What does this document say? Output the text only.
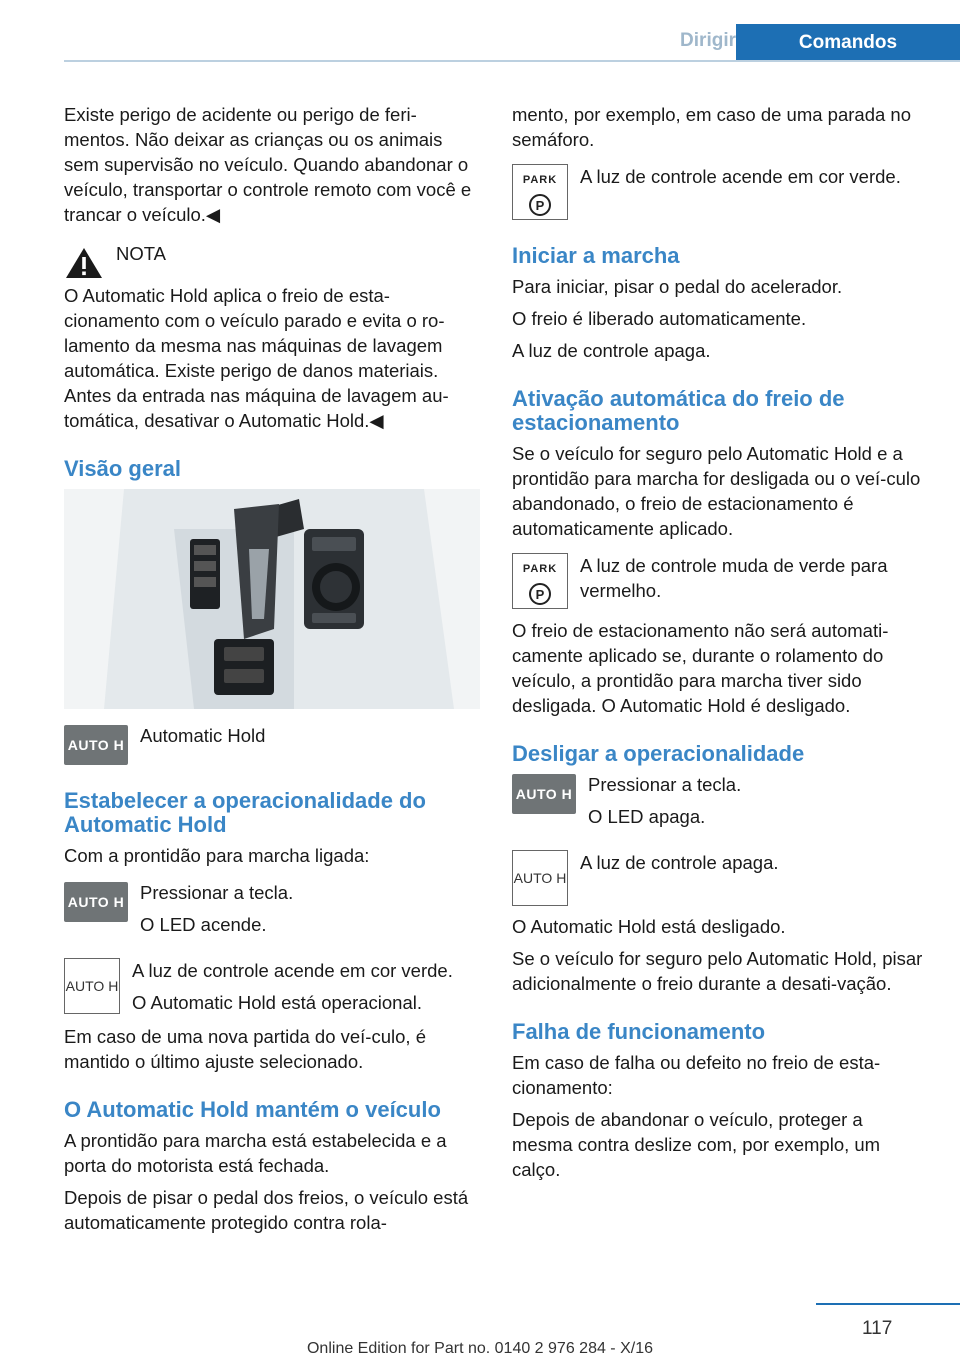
Dirigir	Comandos

Existe perigo de acidente ou perigo de feri‐mentos. Não deixar as crianças ou os animais sem supervisão no veículo. Quando abandonar o veículo, transportar o controle remoto com você e trancar o veículo.◀

NOTA

O Automatic Hold aplica o freio de esta‐cionamento com o veículo parado e evita o ro‐lamento da mesma nas máquinas de lavagem automática. Existe perigo de danos materiais. Antes da entrada nas máquina de lavagem au‐tomática, desativar o Automatic Hold.◀

Visão geral
AUTO H Automatic Hold

Estabelecer a operacionalidade do Automatic Hold

Com a prontidão para marcha ligada:

AUTO H Pressionar a tecla.

O LED acende.

AUTO H

A luz de controle acende em cor verde.

O Automatic Hold está operacional.

Em caso de uma nova partida do veí‐culo, é mantido o último ajuste selecionado.

O Automatic Hold mantém o veículo

A prontidão para marcha está estabelecida e a porta do motorista está fechada.

Depois de pisar o pedal dos freios, o veículo está automaticamente protegido contra rola‐

mento, por exemplo, em caso de uma parada no semáforo.

PARK
P

A luz de controle acende em cor verde.

Iniciar a marcha

Para iniciar, pisar o pedal do acelerador.

O freio é liberado automaticamente.

A luz de controle apaga.

Ativação automática do freio de estacionamento

Se o veículo for seguro pelo Automatic Hold e a prontidão para marcha for desligada ou o veí‐culo abandonado, o freio de estacionamento é automaticamente aplicado.

PARK
P

A luz de controle muda de verde para vermelho.

O freio de estacionamento não será automati‐camente aplicado se, durante o rolamento do veículo, a prontidão para marcha tiver sido desligada. O Automatic Hold é desligado.

Desligar a operacionalidade
AUTO H Pressionar a tecla.

O LED apaga.

AUTO H

A luz de controle apaga.

O Automatic Hold está desligado.

Se o veículo for seguro pelo Automatic Hold, pisar adicionalmente o freio durante a desati‐vação.

Falha de funcionamento

Em caso de falha ou defeito no freio de esta‐cionamento:

Depois de abandonar o veículo, proteger a mesma contra deslize com, por exemplo, um calço.

117
Online Edition for Part no. 0140 2 976 284 - X/16
